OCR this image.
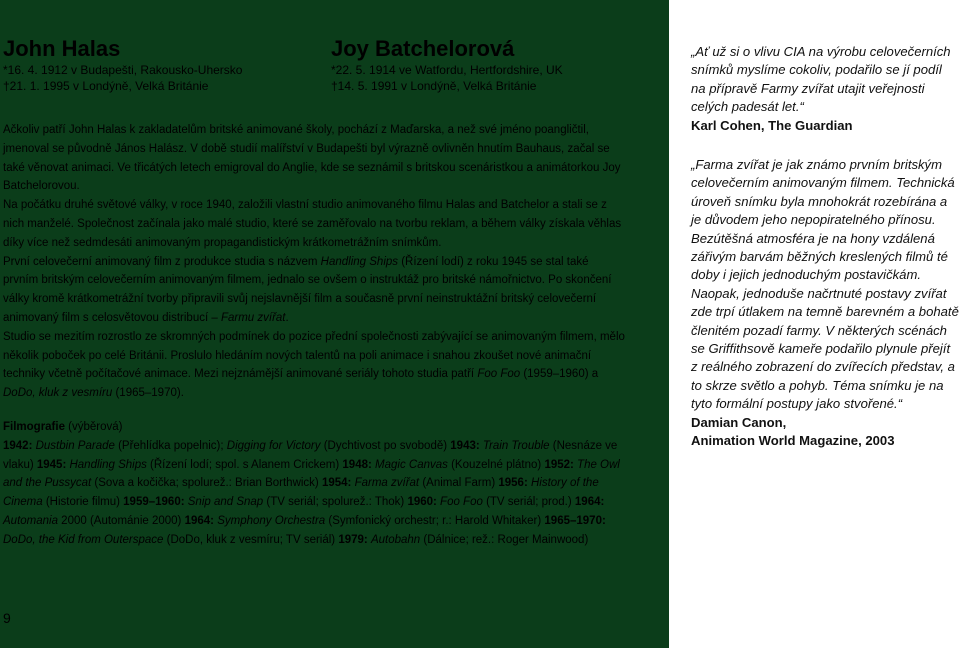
John Halas
*16. 4. 1912 v Budapešti, Rakousko-Uhersko
†21. 1. 1995 v Londýně, Velká Británie
Joy Batchelorová
*22. 5. 1914 ve Watfordu, Hertfordshire, UK
†14. 5. 1991 v Londýně, Velká Británie

Ačkoliv patří John Halas k zakladatelům britské animované školy, pochází z Maďarska, a než své jméno poangličtil, jmenoval se původně János Halász. V době studií malířství v Budapešti byl výrazně ovlivněn hnutím Bauhaus, začal se také věnovat animaci. Ve třicátých letech emigroval do Anglie, kde se seznámil s britskou scenáristkou a animátorkou Joy Batchelorovou.

Na počátku druhé světové války, v roce 1940, založili vlastní studio animovaného filmu Halas and Batchelor a stali se z nich manželé. Společnost začínala jako malé studio, které se zaměřovalo na tvorbu reklam, a během války získala věhlas díky více než sedmdesáti animovaným propagandistickým krátkometrážním snímkům.

První celovečerní animovaný film z produkce studia s názvem Handling Ships (Řízení lodí) z roku 1945 se stal také prvním britským celovečerním animovaným filmem, jednalo se ovšem o instruktáž pro britské námořnictvo. Po skončení války kromě krátkometrážní tvorby připravili svůj nejslavnější film a současně první neinstruktážní britský celovečerní animovaný film s celosvětovou distribucí – Farmu zvířat.

Studio se mezitím rozrostlo ze skromných podmínek do pozice přední společnosti zabývající se animovaným filmem, mělo několik poboček po celé Británii. Proslulo hledáním nových talentů na poli animace i snahou zkoušet nové animační techniky včetně počítačové animace. Mezi nejznámější animované seriály tohoto studia patří Foo Foo (1959–1960) a DoDo, kluk z vesmíru (1965–1970).

Filmografie (výběrová)

1942: Dustbin Parade (Přehlídka popelnic); Digging for Victory (Dychtivost po svobodě) 1943: Train Trouble (Nesnáze ve vlaku) 1945: Handling Ships (Řízení lodí; spol. s Alanem Crickem) 1948: Magic Canvas (Kouzelné plátno) 1952: The Owl and the Pussycat (Sova a kočička; spolurež.: Brian Borthwick) 1954: Farma zvířat (Animal Farm) 1956: History of the Cinema (Historie filmu) 1959–1960: Snip and Snap (TV seriál; spolurež.: Thok) 1960: Foo Foo (TV seriál; prod.) 1964: Automania 2000 (Autománie 2000) 1964: Symphony Orchestra (Symfonický orchestr; r.: Harold Whitaker) 1965–1970: DoDo, the Kid from Outerspace (DoDo, kluk z vesmíru; TV seriál) 1979: Autobahn (Dálnice; rež.: Roger Mainwood)

9
„Ať už si o vlivu CIA na výrobu celovečerních snímků myslíme cokoliv, podařilo se jí podíl na přípravě Farmy zvířat utajit veřejnosti celých padesát let.“
Karl Cohen, The Guardian
„Farma zvířat je jak známo prvním britským celovečerním animovaným filmem. Technická úroveň snímku byla mnohokrát rozebírána a je důvodem jeho nepopiratelného přínosu. Bezútěšná atmosféra je na hony vzdálená zářivým barvám běžných kreslených filmů té doby i jejich jednoduchým postavičkám. Naopak, jednoduše načrtnuté postavy zvířat zde trpí útlakem na temně barevném a bohatě členitém pozadí farmy. V některých scénách se Griffithsově kameře podařilo plynule přejít z reálného zobrazení do zvířecích představ, a to skrze světlo a pohyb. Téma snímku je na tyto formální postupy jako stvořené.“
Damian Canon,
Animation World Magazine, 2003
